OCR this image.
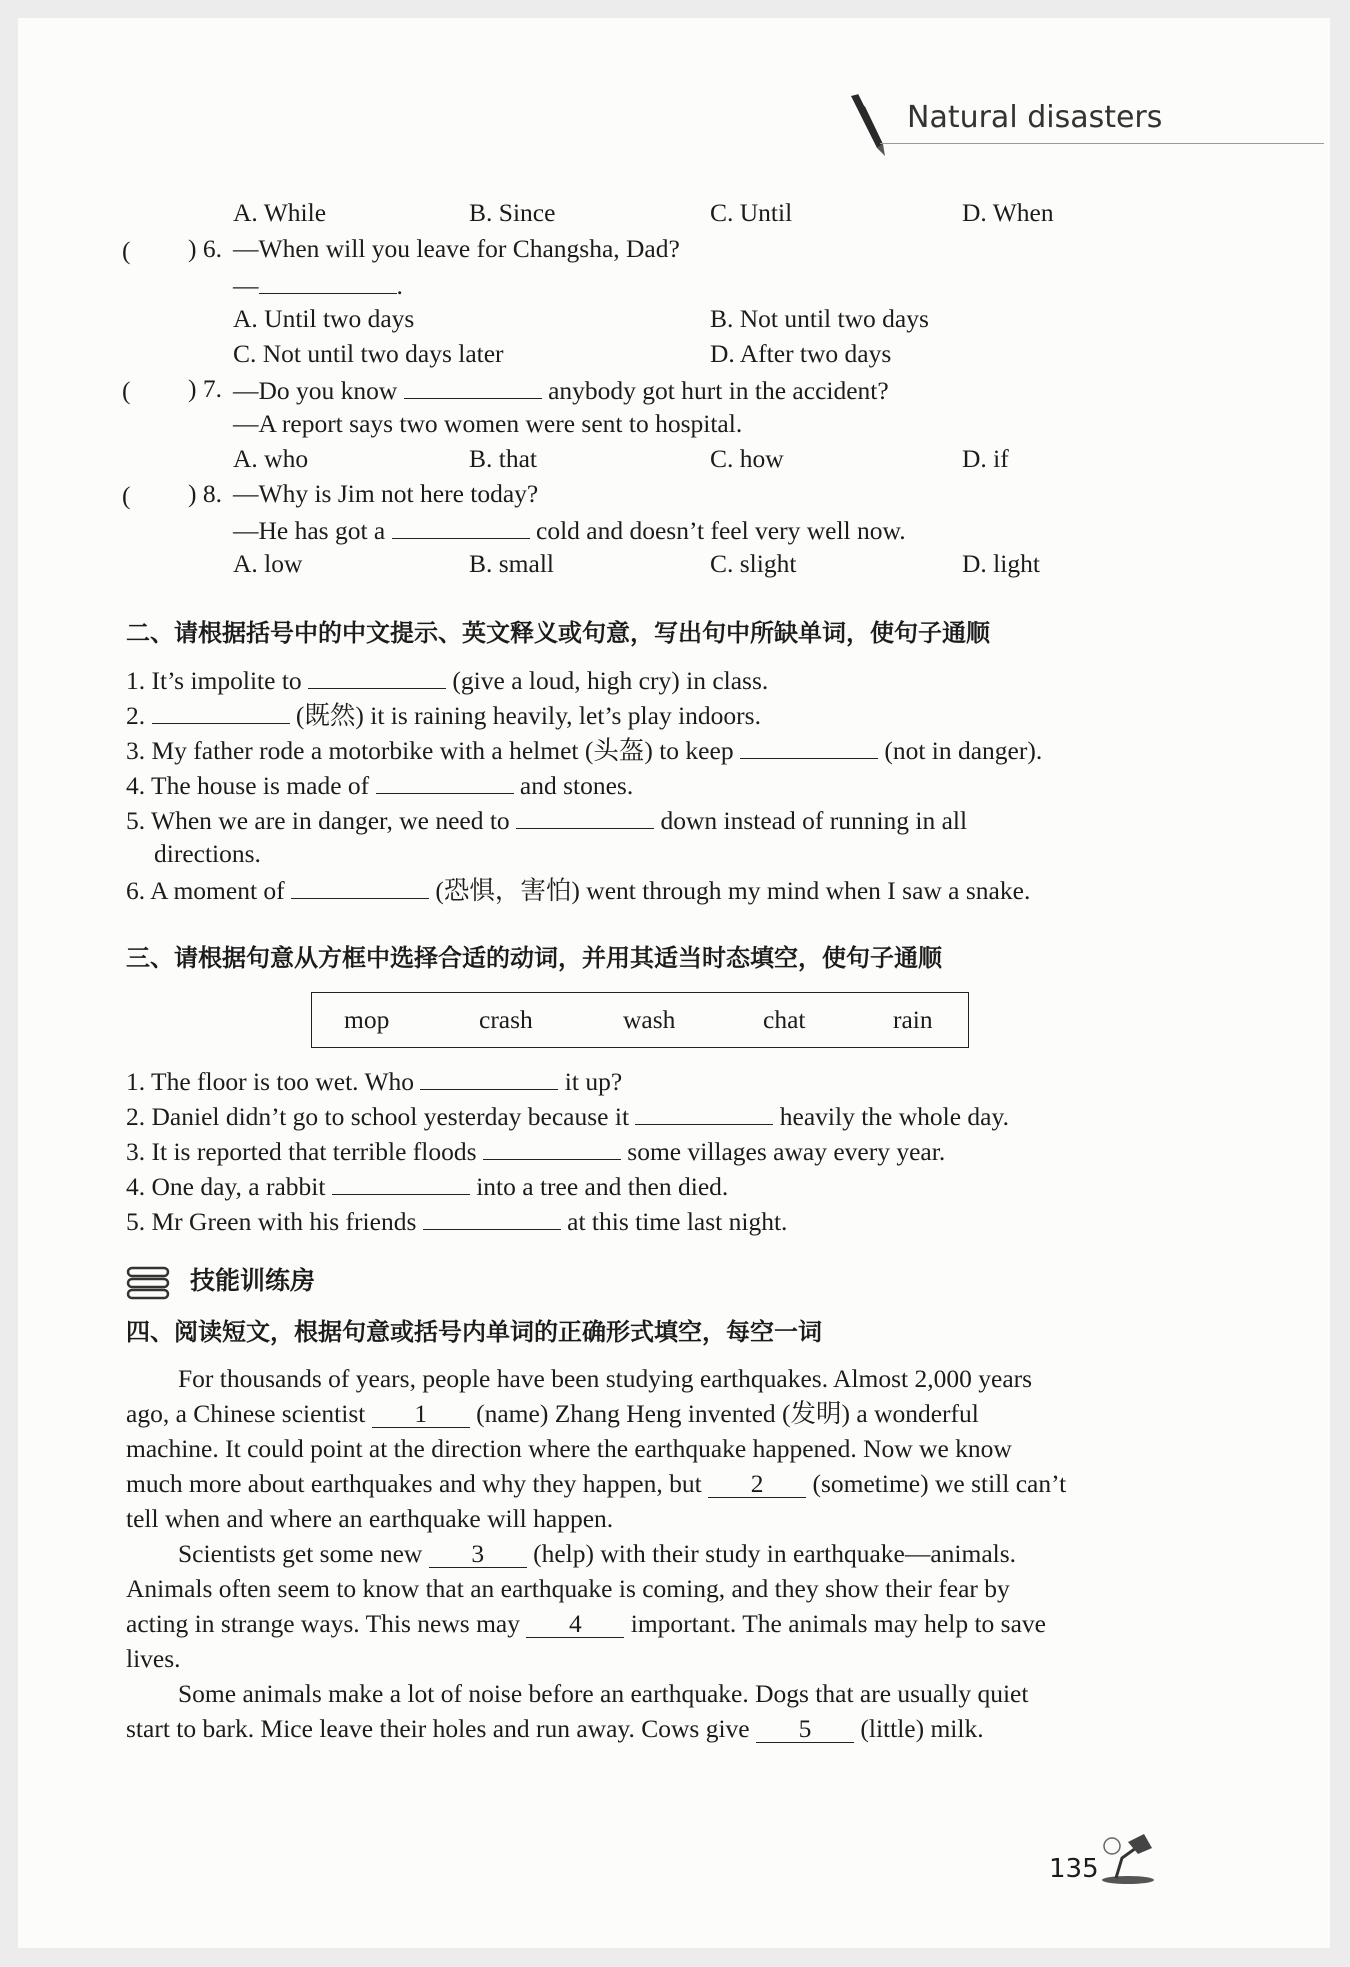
Natural disasters
A. While	B. Since	C. Until	D. When
( ) 6. —When will you leave for Changsha, Dad?
—	.
A. Until two days	B. Not until two days
C. Not until two days later	D. After two days
( ) 7. —Do you know	anybody got hurt in the accident?
—A report says two women were sent to hospital.
A. who	B. that	C. how	D. if
( ) 8. —Why is Jim not here today?
—He has got a	cold and doesn’t feel very well now.
A. low	B. small	C. slight	D. light
二、请根据括号中的中文提示、英文释义或句意，写出句中所缺单词，使句子通顺
1. It’s impolite to	(give a loud, high cry) in class.
2.	(既然) it is raining heavily, let’s play indoors.
3. My father rode a motorbike with a helmet (头盔) to keep	(not in danger).
4. The house is made of	and stones.
5. When we are in danger, we need to	down instead of running in all
directions.
6. A moment of	(恐惧，害怕) went through my mind when I saw a snake.
三、请根据句意从方框中选择合适的动词，并用其适当时态填空，使句子通顺
mop	crash	wash	chat	rain
1. The floor is too wet. Who	it up?
2. Daniel didn’t go to school yesterday because it	heavily the whole day.
3. It is reported that terrible floods	some villages away every year.
4. One day, a rabbit	into a tree and then died.
5. Mr Green with his friends	at this time last night.
技能训练房
四、阅读短文，根据句意或括号内单词的正确形式填空，每空一词
For thousands of years, people have been studying earthquakes. Almost 2,000 years
ago, a Chinese scientist 1 (name) Zhang Heng invented (发明) a wonderful
machine. It could point at the direction where the earthquake happened. Now we know
much more about earthquakes and why they happen, but 2 (sometime) we still can’t
tell when and where an earthquake will happen.
Scientists get some new 3 (help) with their study in earthquake—animals.
Animals often seem to know that an earthquake is coming, and they show their fear by
acting in strange ways. This news may 4 important. The animals may help to save
lives.
Some animals make a lot of noise before an earthquake. Dogs that are usually quiet
start to bark. Mice leave their holes and run away. Cows give 5 (little) milk.
135
